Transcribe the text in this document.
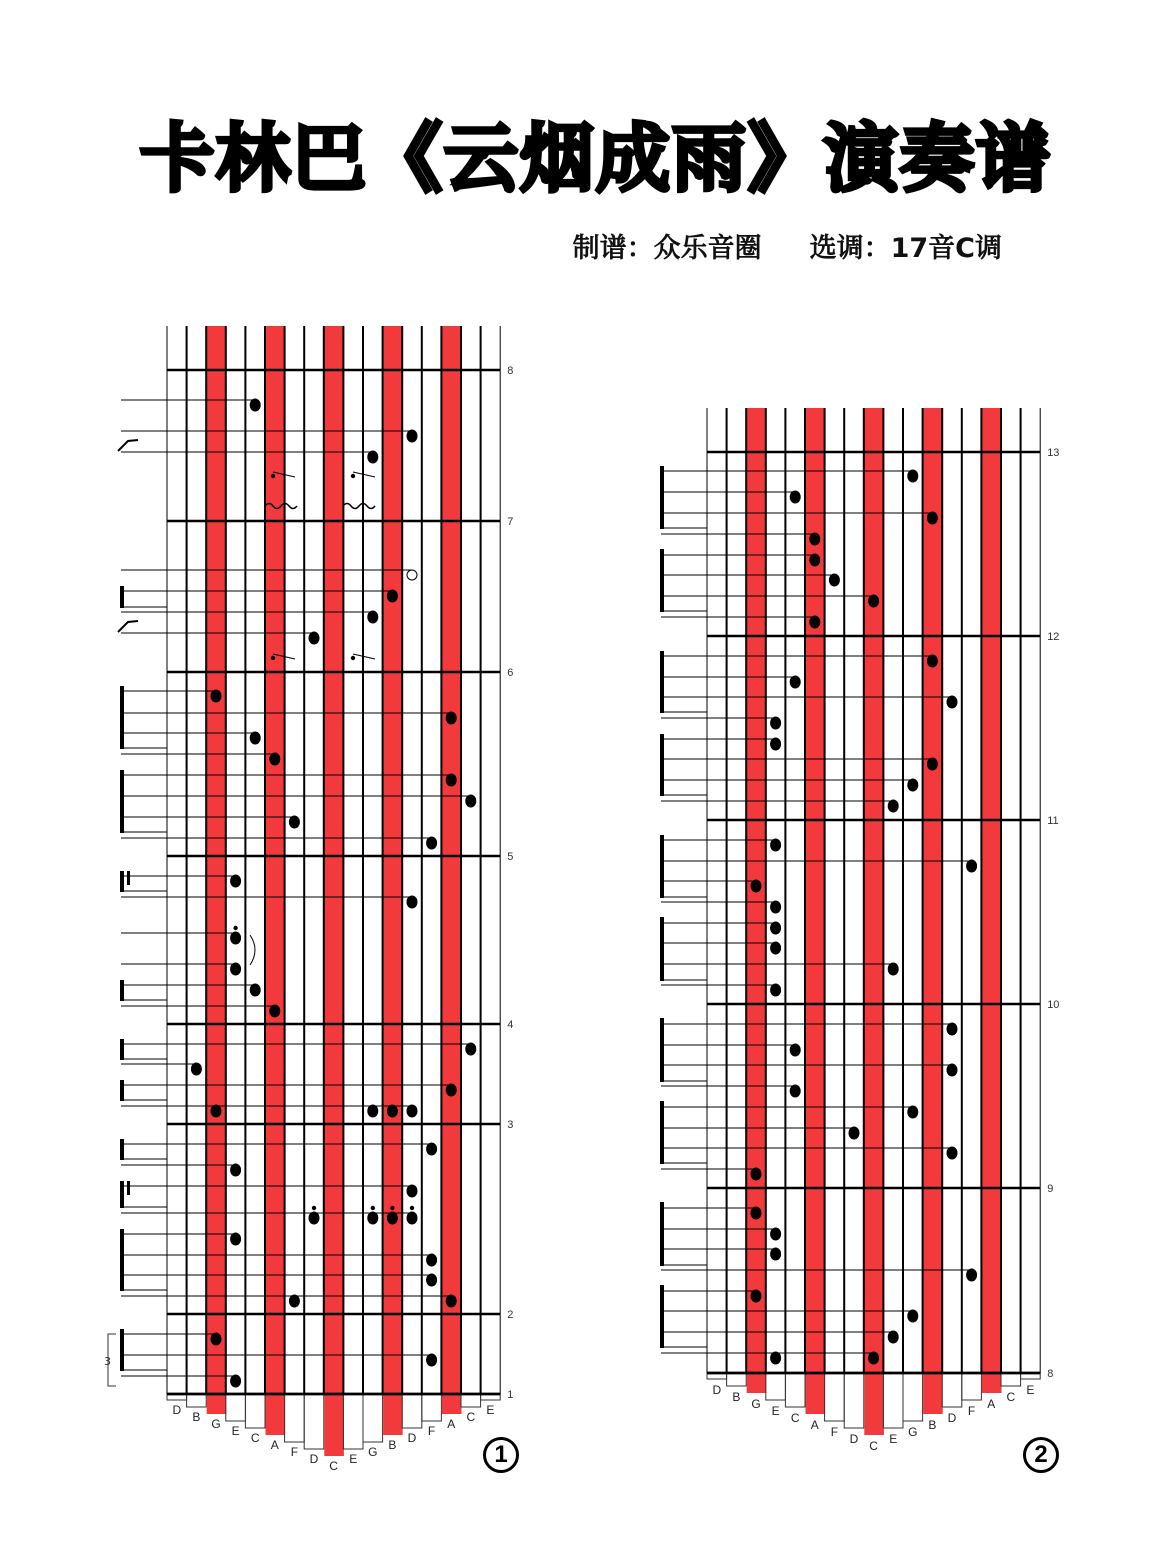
卡林巴《云烟成雨》演奏谱
制谱：众乐音圈 选调：17音C调
8
7
6
5
4
3
2
1
D B G E C A F D C E G B D F A C E
3
13
12
11
10
9
8
D B G E C A F D C E G B D F A C E
1	2
